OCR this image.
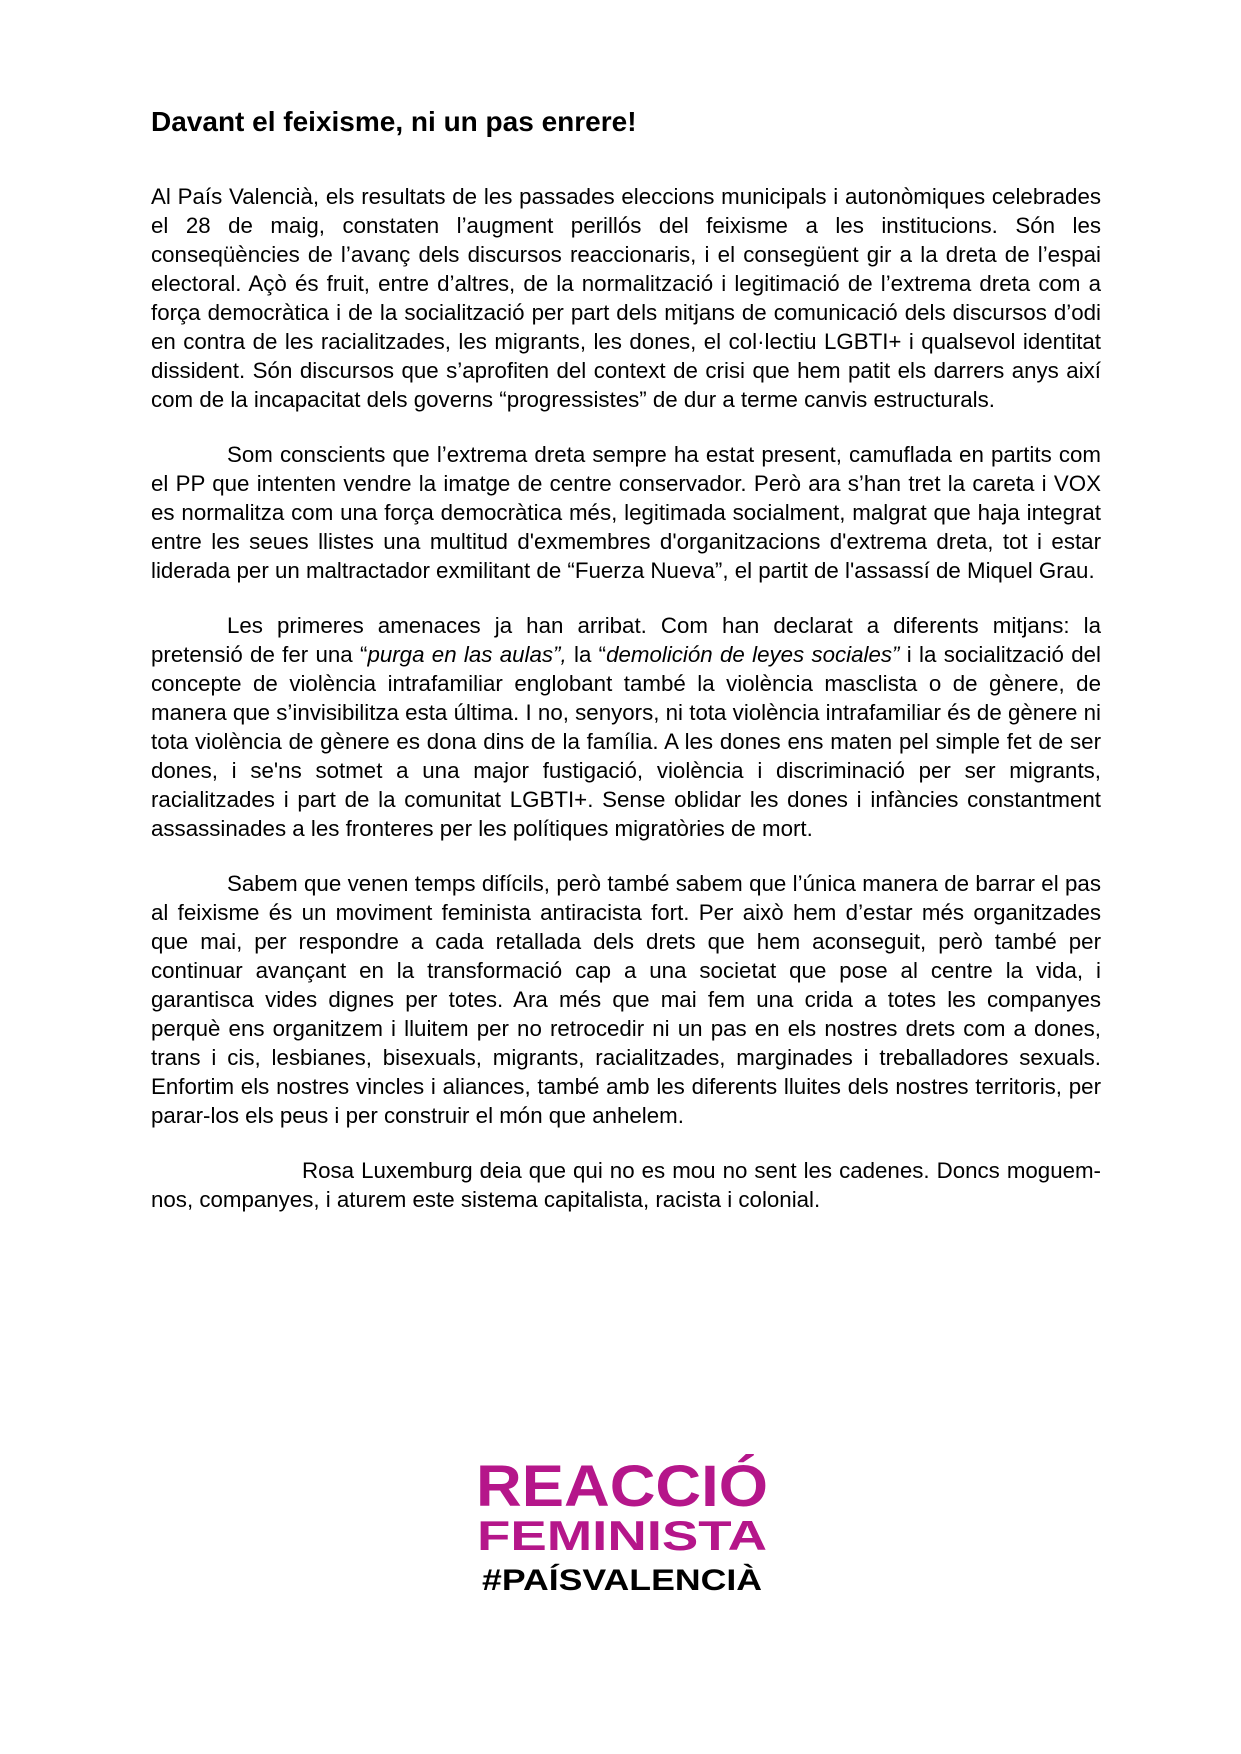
Davant el feixisme, ni un pas enrere!

Al País Valencià, els resultats de les passades eleccions municipals i autonòmiques celebrades el 28 de maig, constaten l’augment perillós del feixisme a les institucions. Són les conseqüències de l’avanç dels discursos reaccionaris, i el consegüent gir a la dreta de l’espai electoral. Açò és fruit, entre d’altres, de la normalització i legitimació de l’extrema dreta com a força democràtica i de la socialització per part dels mitjans de comunicació dels discursos d’odi en contra de les racialitzades, les migrants, les dones, el col·lectiu LGBTI+ i qualsevol identitat dissident. Són discursos que s’aprofiten del context de crisi que hem patit els darrers anys així com de la incapacitat dels governs “progressistes” de dur a terme canvis estructurals.

Som conscients que l’extrema dreta sempre ha estat present, camuflada en partits com el PP que intenten vendre la imatge de centre conservador. Però ara s’han tret la careta i VOX es normalitza com una força democràtica més, legitimada socialment, malgrat que haja integrat entre les seues llistes una multitud d'exmembres d'organitzacions d'extrema dreta, tot i estar liderada per un maltractador exmilitant de “Fuerza Nueva”, el partit de l'assassí de Miquel Grau.

Les primeres amenaces ja han arribat. Com han declarat a diferents mitjans: la pretensió de fer una “purga en las aulas”, la “demolición de leyes sociales” i la socialització del concepte de violència intrafamiliar englobant també la violència masclista o de gènere, de manera que s’invisibilitza esta última. I no, senyors, ni tota violència intrafamiliar és de gènere ni tota violència de gènere es dona dins de la família. A les dones ens maten pel simple fet de ser dones, i se'ns sotmet a una major fustigació, violència i discriminació per ser migrants, racialitzades i part de la comunitat LGBTI+. Sense oblidar les dones i infàncies constantment assassinades a les fronteres per les polítiques migratòries de mort.

Sabem que venen temps difícils, però també sabem que l’única manera de barrar el pas al feixisme és un moviment feminista antiracista fort. Per això hem d’estar més organitzades que mai, per respondre a cada retallada dels drets que hem aconseguit, però també per continuar avançant en la transformació cap a una societat que pose al centre la vida, i garantisca vides dignes per totes. Ara més que mai fem una crida a totes les companyes perquè ens organitzem i lluitem per no retrocedir ni un pas en els nostres drets com a dones, trans i cis, lesbianes, bisexuals, migrants, racialitzades, marginades i treballadores sexuals. Enfortim els nostres vincles i aliances, també amb les diferents lluites dels nostres territoris, per parar-los els peus i per construir el món que anhelem.

Rosa Luxemburg deia que qui no es mou no sent les cadenes. Doncs moguem-nos, companyes, i aturem este sistema capitalista, racista i colonial.

REACCIÓ
FEMINISTA
#PAÍSVALENCIÀ
